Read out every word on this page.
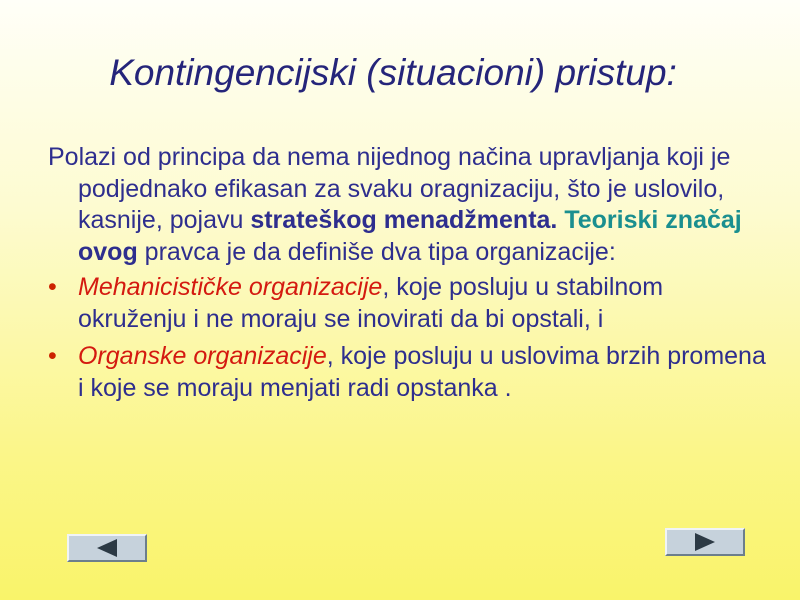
Kontingencijski (situacioni) pristup:

Polazi od principa da nema nijednog načina upravljanja koji je podjednako efikasan za svaku oragnizaciju, što je uslovilo, kasnije, pojavu strateškog menadžmenta. Teoriski značaj ovog pravca je da definiše dva tipa organizacije:

• Mehanicističke organizacije, koje posluju u stabilnom okruženju i ne moraju se inovirati da bi opstali, i

• Organske organizacije, koje posluju u uslovima brzih promena i koje se moraju menjati radi opstanka .
